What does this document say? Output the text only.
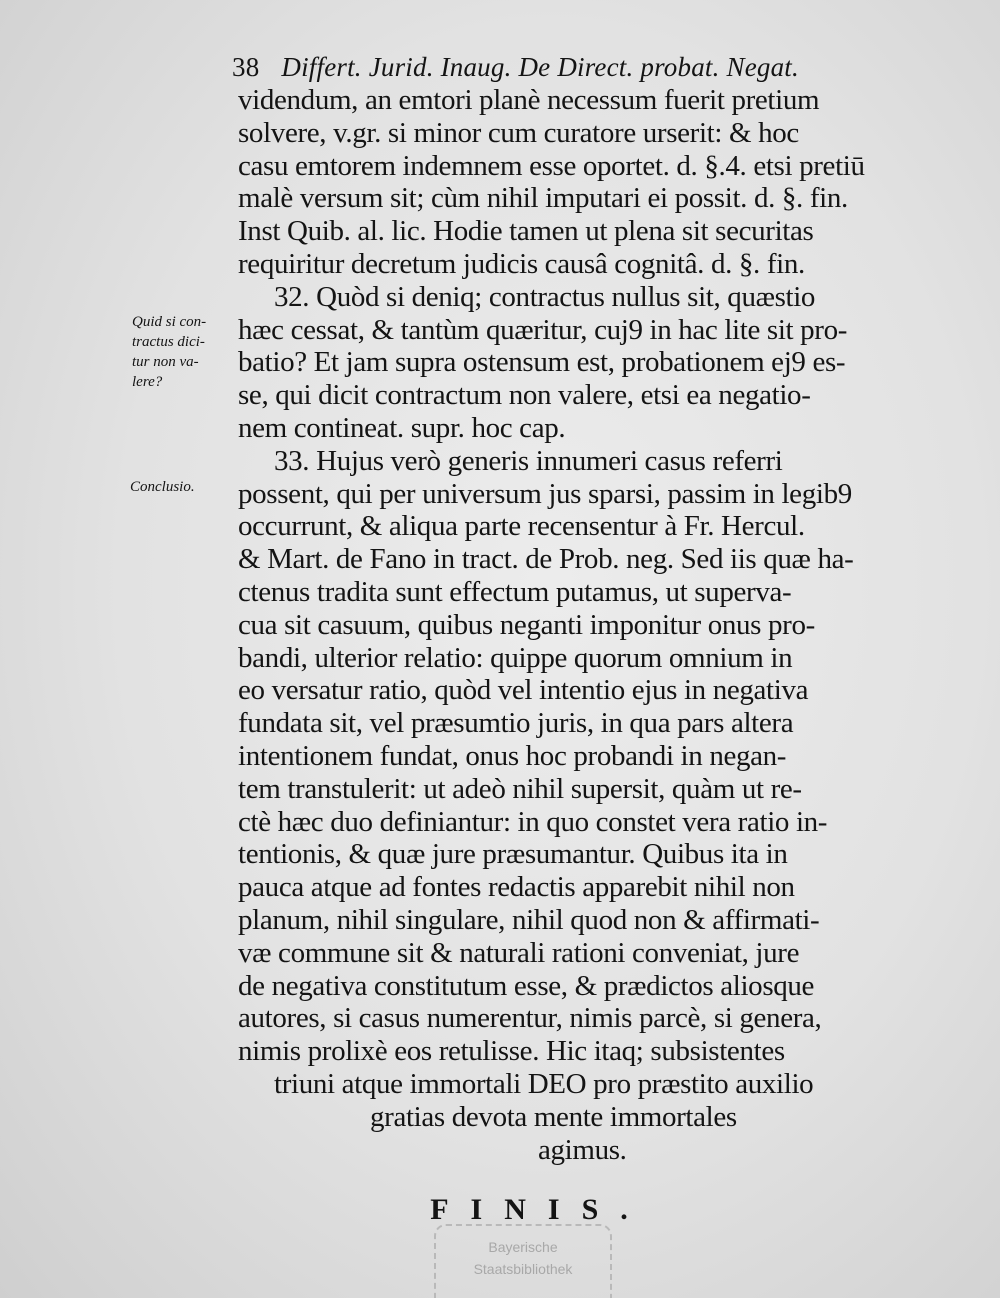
38 Differt. Jurid. Inaug. De Direct. probat. Negat.
videndum, an emtori planè necessum fuerit pretium
solvere, v.gr. si minor cum curatore urserit: & hoc
casu emtorem indemnem esse oportet. d. §.4. etsi pretiū
malè versum sit; cùm nihil imputari ei possit. d. §. fin.
Inst Quib. al. lic. Hodie tamen ut plena sit securitas
requiritur decretum judicis causâ cognitâ. d. §. fin.
32. Quòd si deniq; contractus nullus sit, quæstio
hæc cessat, & tantùm quæritur, cuj9 in hac lite sit pro-
batio? Et jam supra ostensum est, probationem ej9 es-
se, qui dicit contractum non valere, etsi ea negatio-
nem contineat. supr. hoc cap.
33. Hujus verò generis innumeri casus referri
possent, qui per universum jus sparsi, passim in legib9
occurrunt, & aliqua parte recensentur à Fr. Hercul.
& Mart. de Fano in tract. de Prob. neg. Sed iis quæ ha-
ctenus tradita sunt effectum putamus, ut superva-
cua sit casuum, quibus neganti imponitur onus pro-
bandi, ulterior relatio: quippe quorum omnium in
eo versatur ratio, quòd vel intentio ejus in negativa
fundata sit, vel præsumtio juris, in qua pars altera
intentionem fundat, onus hoc probandi in negan-
tem transtulerit: ut adeò nihil supersit, quàm ut re-
ctè hæc duo definiantur: in quo constet vera ratio in-
tentionis, & quæ jure præsumantur. Quibus ita in
pauca atque ad fontes redactis apparebit nihil non
planum, nihil singulare, nihil quod non & affirmati-
væ commune sit & naturali rationi conveniat, jure
de negativa constitutum esse, & prædictos aliosque
autores, si casus numerentur, nimis parcè, si genera,
nimis prolixè eos retulisse. Hic itaq; subsistentes
triuni atque immortali DEO pro præstito auxilio
gratias devota mente immortales
agimus.
Quid si con-
tractus dici-
tur non va-
lere?
Conclusio.
FINIS.
Bayerische
Staatsbibliothek
